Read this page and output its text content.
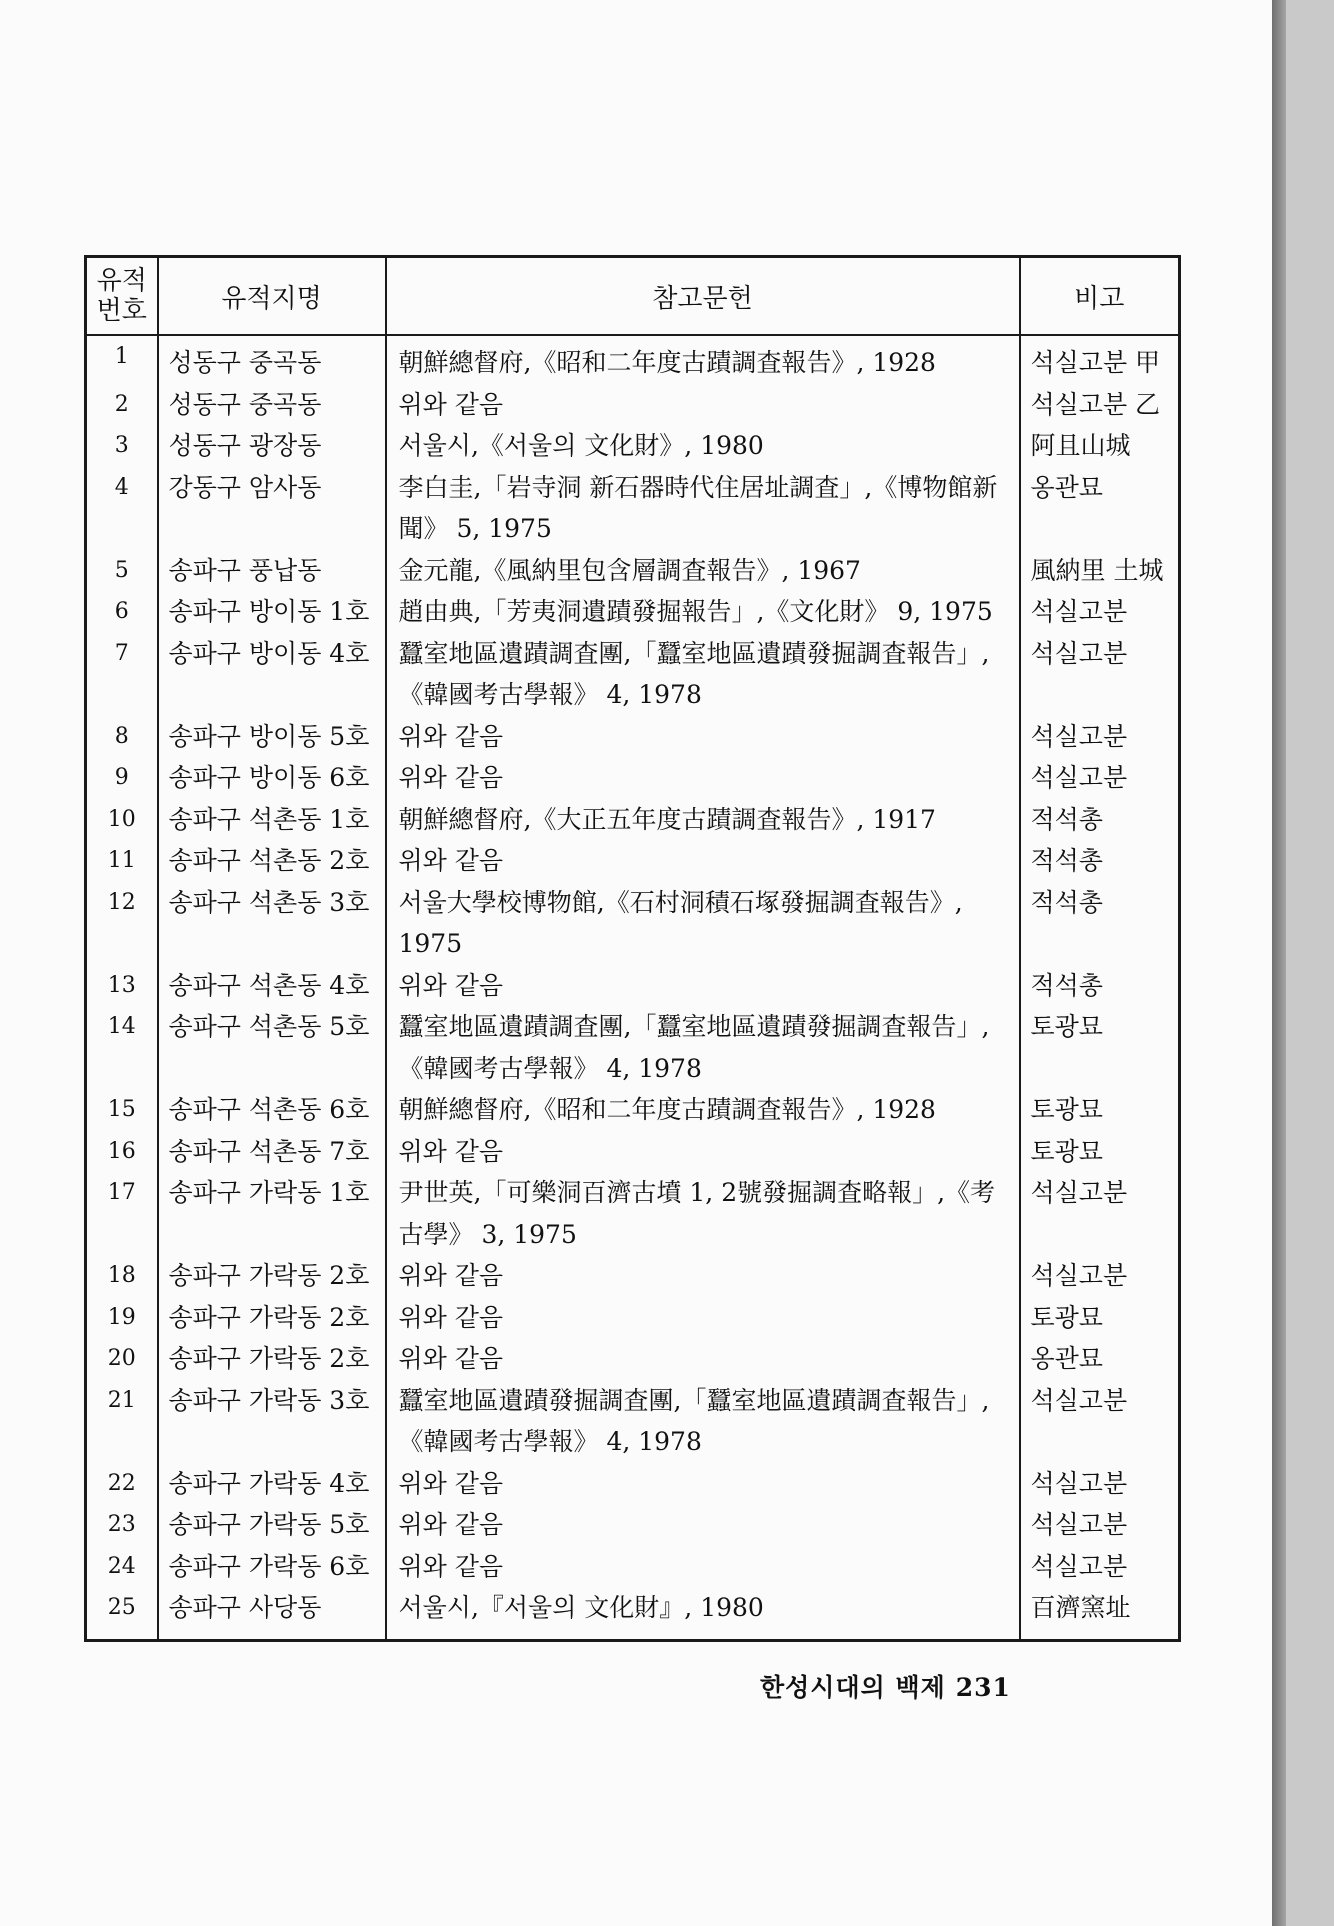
유적
번호	유적지명	참고문헌	비고
1	성동구 중곡동	朝鮮總督府,《昭和二年度古蹟調査報告》, 1928	석실고분 甲
2	성동구 중곡동	위와 같음	석실고분 乙
3	성동구 광장동	서울시,《서울의 文化財》, 1980	阿且山城
4	강동구 암사동	李白圭,「岩寺洞 新石器時代住居址調査」,《博物館新聞》 5, 1975	옹관묘
5	송파구 풍납동	金元龍,《風納里包含層調査報告》, 1967	風納里 土城
6	송파구 방이동 1호	趙由典,「芳夷洞遺蹟發掘報告」,《文化財》 9, 1975	석실고분
7	송파구 방이동 4호	蠶室地區遺蹟調査團,「蠶室地區遺蹟發掘調査報告」,《韓國考古學報》 4, 1978	석실고분
8	송파구 방이동 5호	위와 같음	석실고분
9	송파구 방이동 6호	위와 같음	석실고분
10	송파구 석촌동 1호	朝鮮總督府,《大正五年度古蹟調査報告》, 1917	적석총
11	송파구 석촌동 2호	위와 같음	적석총
12	송파구 석촌동 3호	서울大學校博物館,《石村洞積石塚發掘調査報告》, 1975	적석총
13	송파구 석촌동 4호	위와 같음	적석총
14	송파구 석촌동 5호	蠶室地區遺蹟調査團,「蠶室地區遺蹟發掘調査報告」,《韓國考古學報》 4, 1978	토광묘
15	송파구 석촌동 6호	朝鮮總督府,《昭和二年度古蹟調査報告》, 1928	토광묘
16	송파구 석촌동 7호	위와 같음	토광묘
17	송파구 가락동 1호	尹世英,「可樂洞百濟古墳 1, 2號發掘調査略報」,《考古學》 3, 1975	석실고분
18	송파구 가락동 2호	위와 같음	석실고분
19	송파구 가락동 2호	위와 같음	토광묘
20	송파구 가락동 2호	위와 같음	옹관묘
21	송파구 가락동 3호	蠶室地區遺蹟發掘調査團,「蠶室地區遺蹟調査報告」,《韓國考古學報》 4, 1978	석실고분
22	송파구 가락동 4호	위와 같음	석실고분
23	송파구 가락동 5호	위와 같음	석실고분
24	송파구 가락동 6호	위와 같음	석실고분
25	송파구 사당동	서울시,『서울의 文化財』, 1980	百濟窯址
한성시대의 백제 231
